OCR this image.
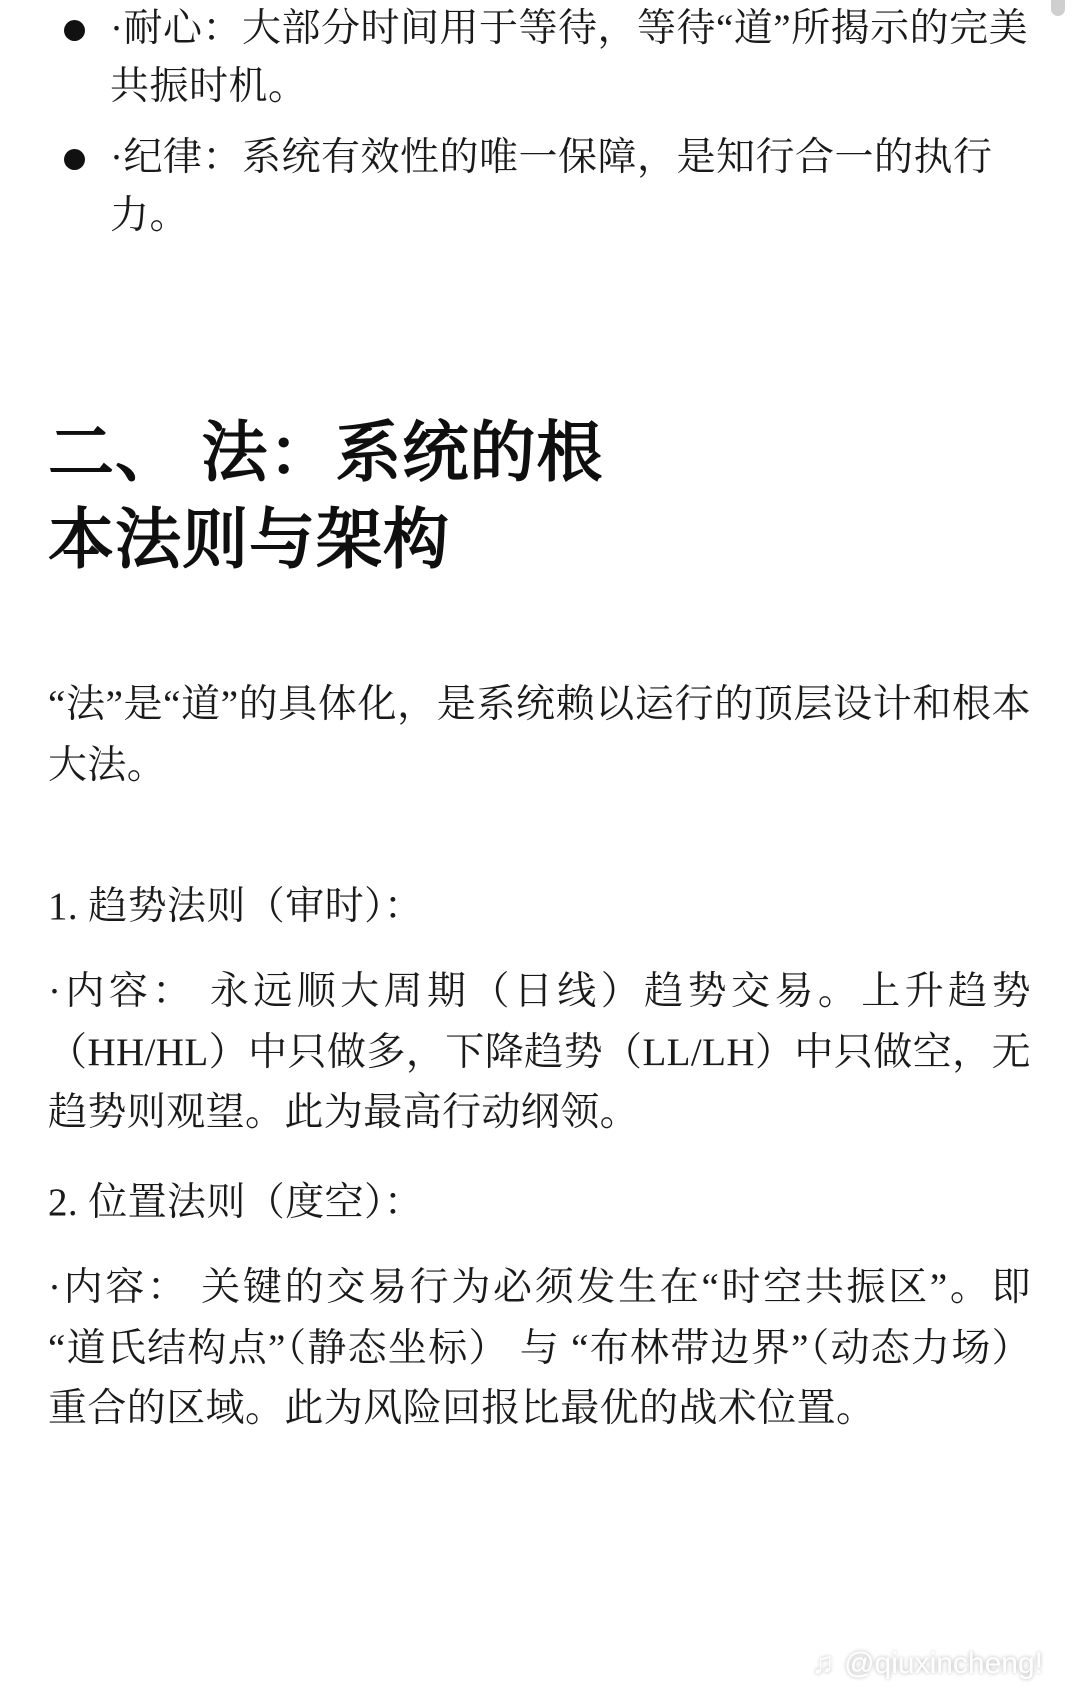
·耐心：大部分时间用于等待，等待“道”所揭示的完美共振时机。
·纪律：系统有效性的唯一保障，是知行合一的执行力。
二、 法：系统的根本法则与架构

“法”是“道”的具体化，是系统赖以运行的顶层设计和根本大法。

1. 趋势法则（审时）：

·内容： 永远顺大周期（日线）趋势交易。上升趋势（HH/HL）中只做多，下降趋势（LL/LH）中只做空，无趋势则观望。此为最高行动纲领。

2. 位置法则（度空）：

·内容： 关键的交易行为必须发生在“时空共振区”。即 “道氏结构点”（静态坐标） 与 “布林带边界”（动态力场） 重合的区域。此为风险回报比最优的战术位置。

♫ @qiuxincheng!
